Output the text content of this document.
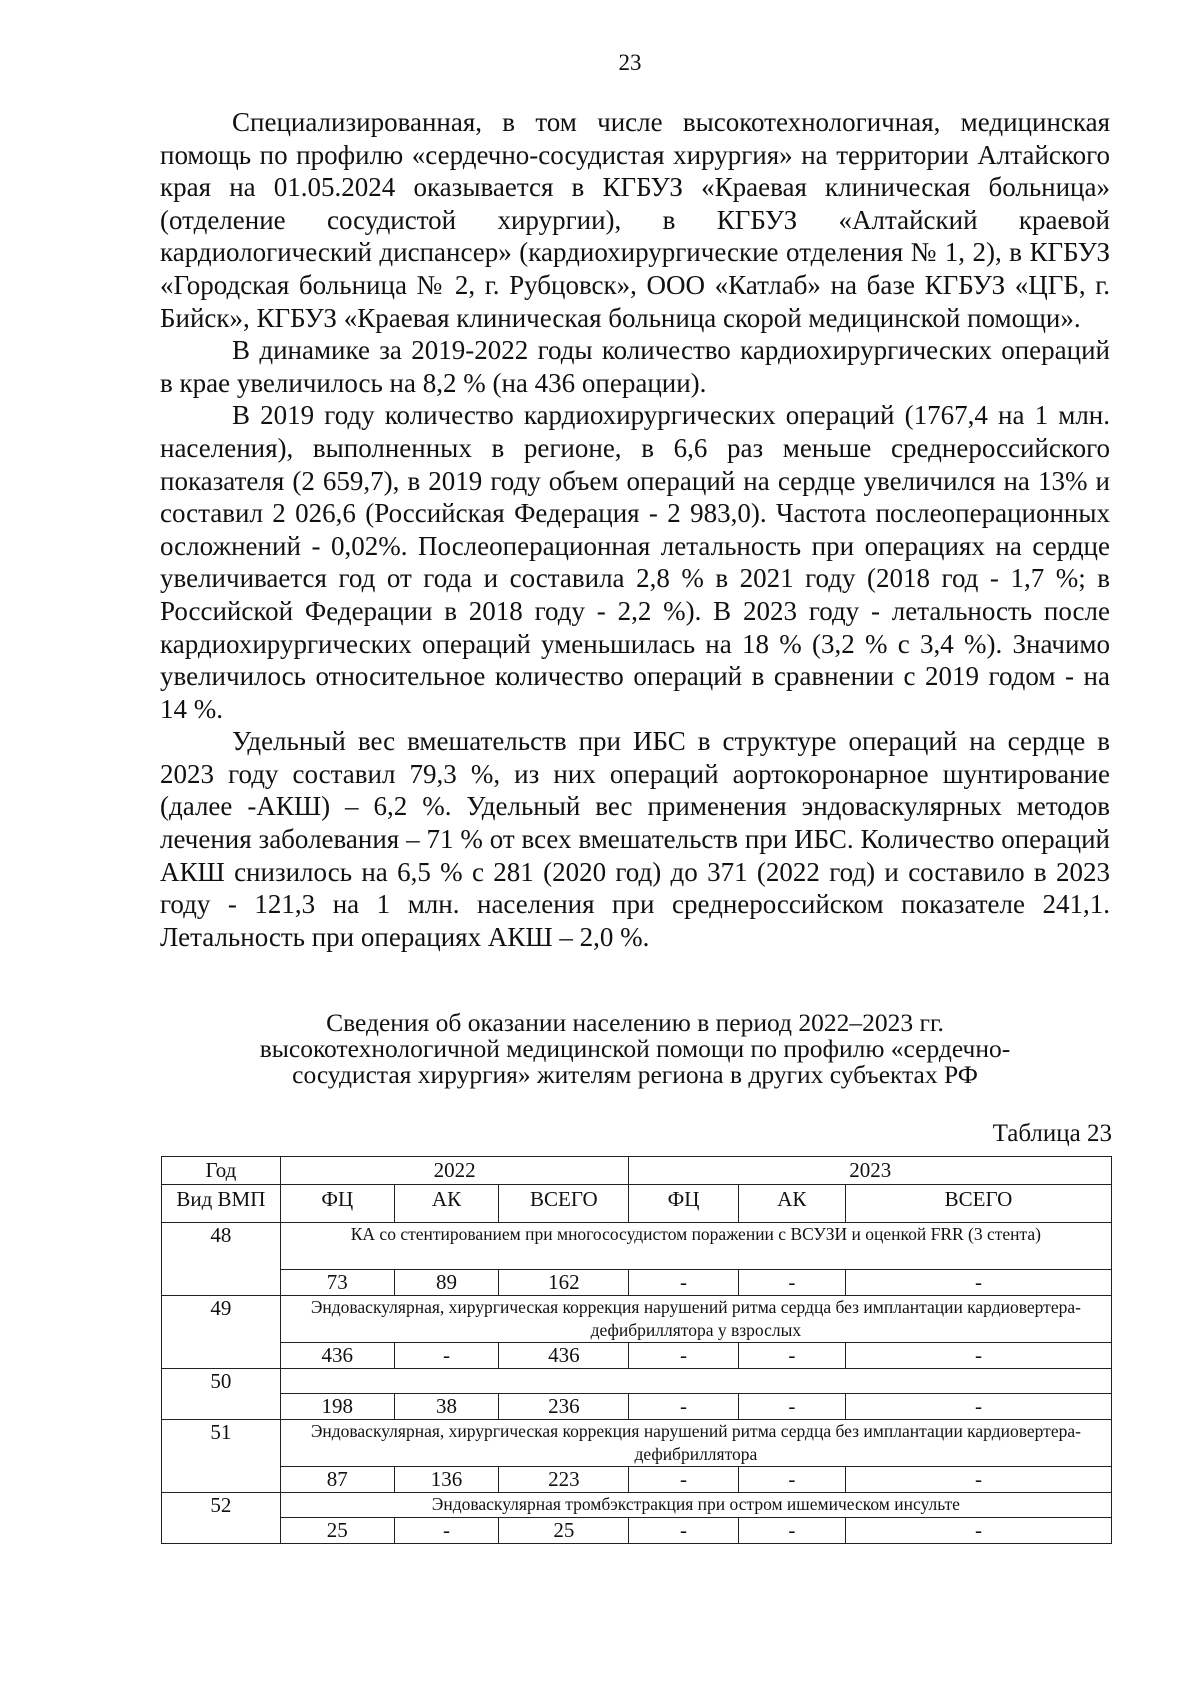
23

Специализированная, в том числе высокотехнологичная, медицинская помощь по профилю «сердечно-сосудистая хирургия» на территории Алтайского края на 01.05.2024 оказывается в КГБУЗ «Краевая клиническая больница» (отделение сосудистой хирургии), в КГБУЗ «Алтайский краевой кардиологический диспансер» (кардиохирургические отделения № 1, 2), в КГБУЗ «Городская больница № 2, г. Рубцовск», ООО «Катлаб» на базе КГБУЗ «ЦГБ, г. Бийск», КГБУЗ «Краевая клиническая больница скорой медицинской помощи».

В динамике за 2019-2022 годы количество кардиохирургических операций в крае увеличилось на 8,2 % (на 436 операции).

В 2019 году количество кардиохирургических операций (1767,4 на 1 млн. населения), выполненных в регионе, в 6,6 раз меньше среднероссийского показателя (2 659,7), в 2019 году объем операций на сердце увеличился на 13% и составил 2 026,6 (Российская Федерация - 2 983,0). Частота послеоперационных осложнений - 0,02%. Послеоперационная летальность при операциях на сердце увеличивается год от года и составила 2,8 % в 2021 году (2018 год - 1,7 %; в Российской Федерации в 2018 году - 2,2 %). В 2023 году - летальность после кардиохирургических операций уменьшилась на 18 % (3,2 % с 3,4 %). Значимо увеличилось относительное количество операций в сравнении с 2019 годом - на 14 %.

Удельный вес вмешательств при ИБС в структуре операций на сердце в 2023 году составил 79,3 %, из них операций аортокоронарное шунтирование (далее -АКШ) – 6,2 %. Удельный вес применения эндоваскулярных методов лечения заболевания – 71 % от всех вмешательств при ИБС. Количество операций АКШ снизилось на 6,5 % с 281 (2020 год) до 371 (2022 год) и составило в 2023 году - 121,3 на 1 млн. населения при среднероссийском показателе 241,1. Летальность при операциях АКШ – 2,0 %.

Сведения об оказании населению в период 2022–2023 гг.
высокотехнологичной медицинской помощи по профилю «сердечно-
сосудистая хирургия» жителям региона в других субъектах РФ
Таблица 23
Год	2022			2023		
Вид ВМП	ФЦ	АК	ВСЕГО	ФЦ	АК	ВСЕГО
48	КА со стентированием при многососудистом поражении с ВСУЗИ и оценкой FRR (3 стента)					
	73	89	162	-	-	-
49	Эндоваскулярная, хирургическая коррекция нарушений ритма сердца без имплантации кардиовертера-дефибриллятора у взрослых					
	436	-	436	-	-	-
50						
	198	38	236	-	-	-
51	Эндоваскулярная, хирургическая коррекция нарушений ритма сердца без имплантации кардиовертера-дефибриллятора					
	87	136	223	-	-	-
52	Эндоваскулярная тромбэкстракция при остром ишемическом инсульте					
	25	-	25	-	-	-
